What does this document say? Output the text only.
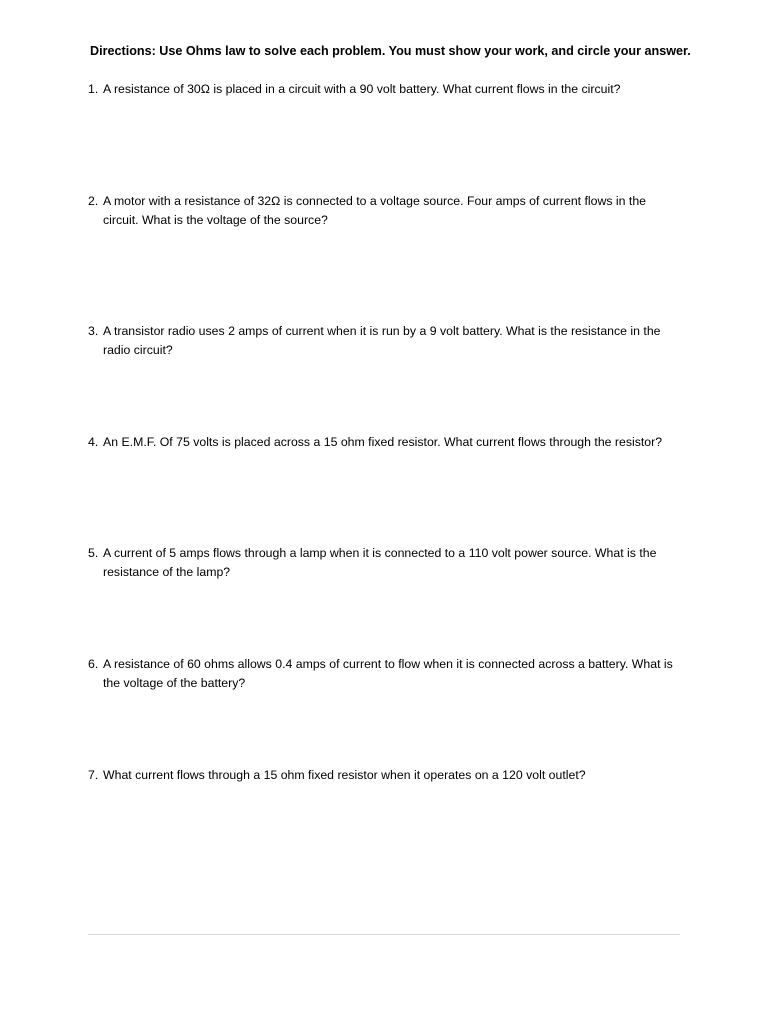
Directions: Use Ohms law to solve each problem. You must show your work, and circle your answer.
1. A resistance of 30Ω is placed in a circuit with a 90 volt battery. What current flows in the circuit?
2. A motor with a resistance of 32Ω is connected to a voltage source. Four amps of current flows in the circuit. What is the voltage of the source?
3. A transistor radio uses 2 amps of current when it is run by a 9 volt battery. What is the resistance in the radio circuit?
4. An E.M.F. Of 75 volts is placed across a 15 ohm fixed resistor. What current flows through the resistor?
5. A current of 5 amps flows through a lamp when it is connected to a 110 volt power source. What is the resistance of the lamp?
6. A resistance of 60 ohms allows 0.4 amps of current to flow when it is connected across a battery. What is the voltage of the battery?
7. What current flows through a 15 ohm fixed resistor when it operates on a 120 volt outlet?
